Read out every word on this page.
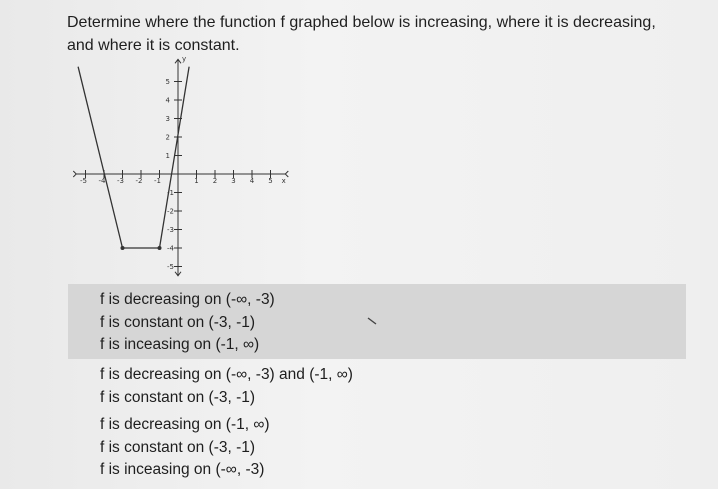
Determine where the function f graphed below is increasing, where it is decreasing,
and where it is constant.
-5 -4 -3 -2 -1	1 2 3 4 5
5
4
3
2
1
-1
-2
-3
-4
-5
x
y
f is decreasing on (-∞, -3)
f is constant on (-3, -1)
f is inceasing on (-1, ∞)
f is decreasing on (-∞, -3) and (-1, ∞)
f is constant on (-3, -1)
f is decreasing on (-1, ∞)
f is constant on (-3, -1)
f is inceasing on (-∞, -3)
